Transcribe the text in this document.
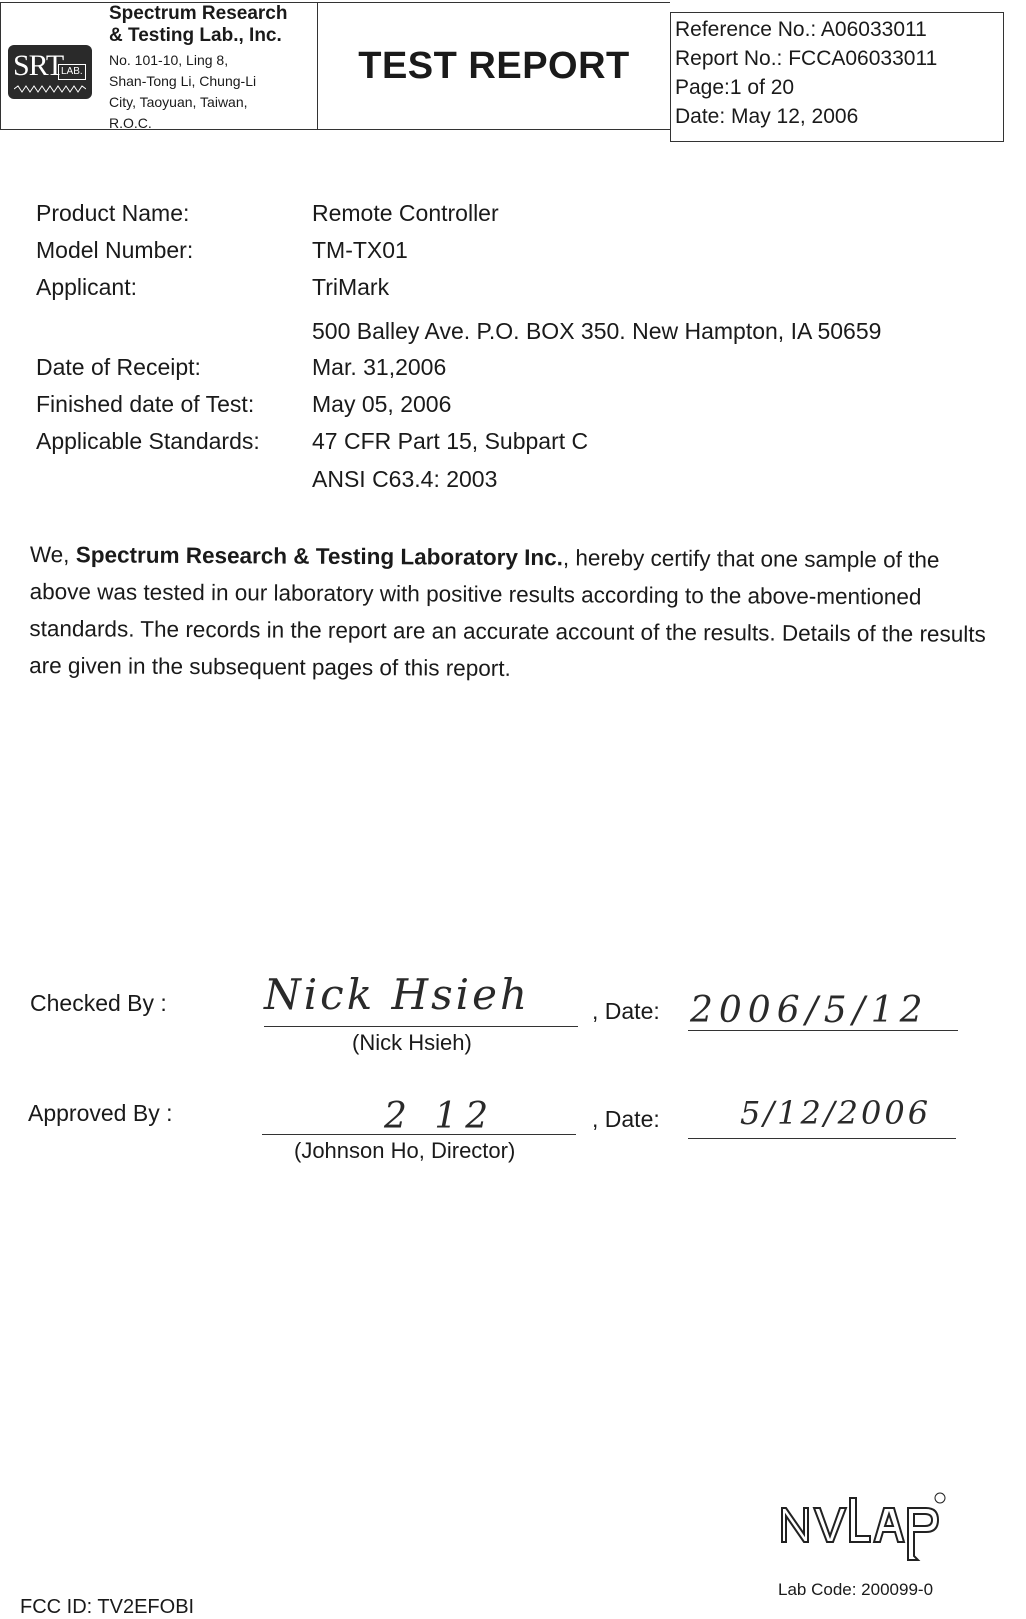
SRT
LAB.
Spectrum Research
& Testing Lab., Inc.
No. 101-10, Ling 8,
Shan-Tong Li, Chung-Li
City, Taoyuan, Taiwan,
R.O.C.
TEST REPORT
Reference No.: A06033011
Report No.: FCCA06033011
Page:1 of 20
Date: May 12, 2006
Product Name:	Remote Controller
Model Number:	TM-TX01
Applicant:	TriMark
500 Balley Ave. P.O. BOX 350. New Hampton, IA 50659
Date of Receipt:	Mar. 31,2006
Finished date of Test:	May 05, 2006
Applicable Standards: 47 CFR Part 15, Subpart C
ANSI C63.4: 2003
We, Spectrum Research & Testing Laboratory Inc., hereby certify that one sample of the above was tested in our laboratory with positive results according to the above-mentioned standards. The records in the report are an accurate account of the results. Details of the results are given in the subsequent pages of this report.
Checked By : Nick Hsieh
(Nick Hsieh)
, Date: 2006/5/12
Approved By :	2 12
(Johnson Ho, Director)
, Date:	5/12/2006
Lab Code: 200099-0
FCC ID: TV2EFOBI
